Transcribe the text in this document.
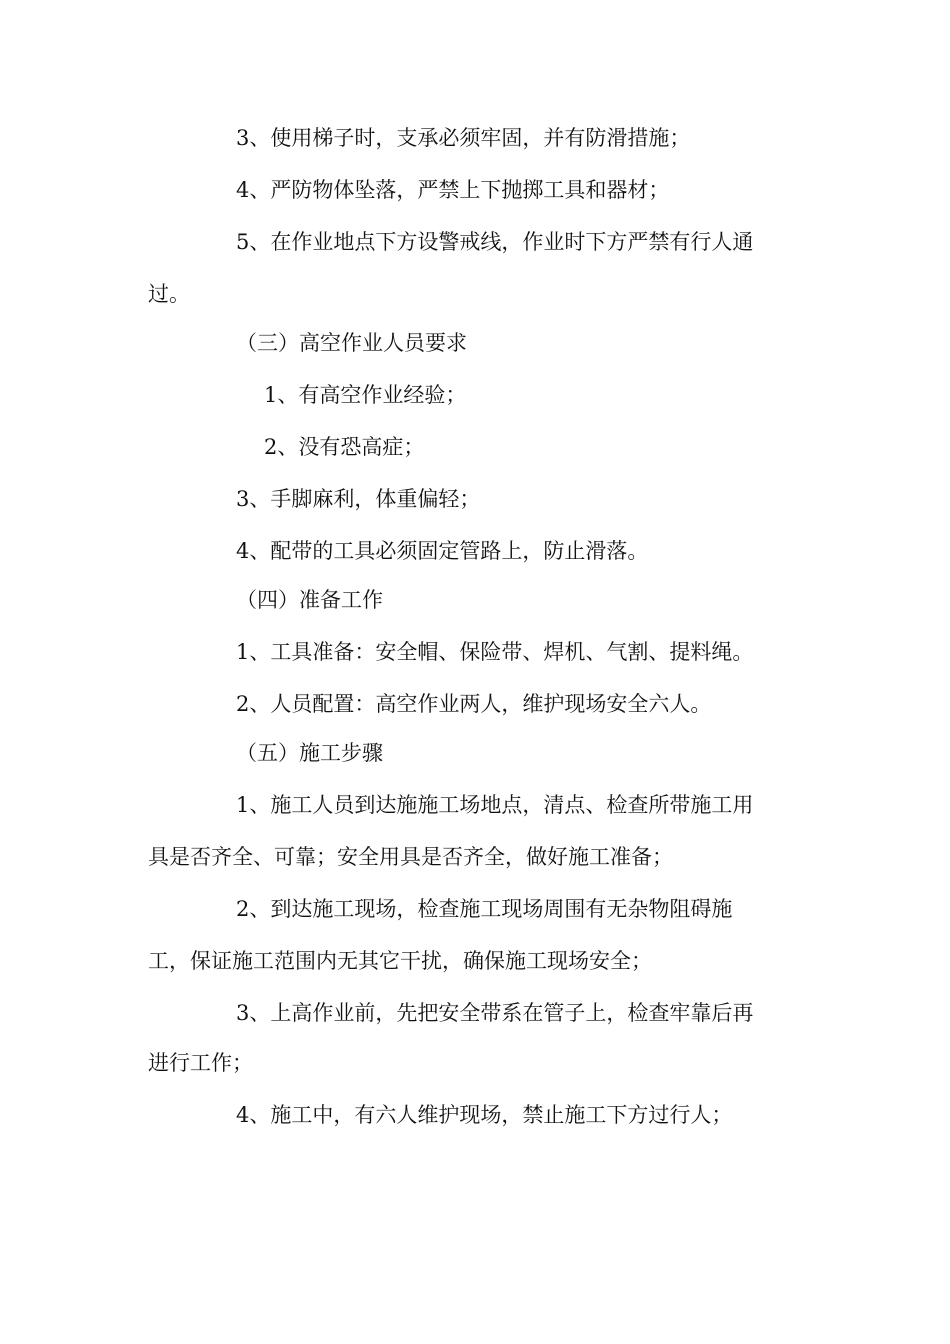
3、使用梯子时，支承必须牢固，并有防滑措施；
4、严防物体坠落，严禁上下抛掷工具和器材；
5、在作业地点下方设警戒线，作业时下方严禁有行人通
过。
（三）高空作业人员要求
1、有高空作业经验；
2、没有恐高症；
3、手脚麻利，体重偏轻；
4、配带的工具必须固定管路上，防止滑落。
（四）准备工作
1、工具准备：安全帽、保险带、焊机、气割、提料绳。
2、人员配置：高空作业两人，维护现场安全六人。
（五）施工步骤
1、施工人员到达施施工场地点，清点、检查所带施工用
具是否齐全、可靠；安全用具是否齐全，做好施工准备；
2、到达施工现场，检查施工现场周围有无杂物阻碍施
工，保证施工范围内无其它干扰，确保施工现场安全；
3、上高作业前，先把安全带系在管子上，检查牢靠后再
进行工作；
4、施工中，有六人维护现场，禁止施工下方过行人；
